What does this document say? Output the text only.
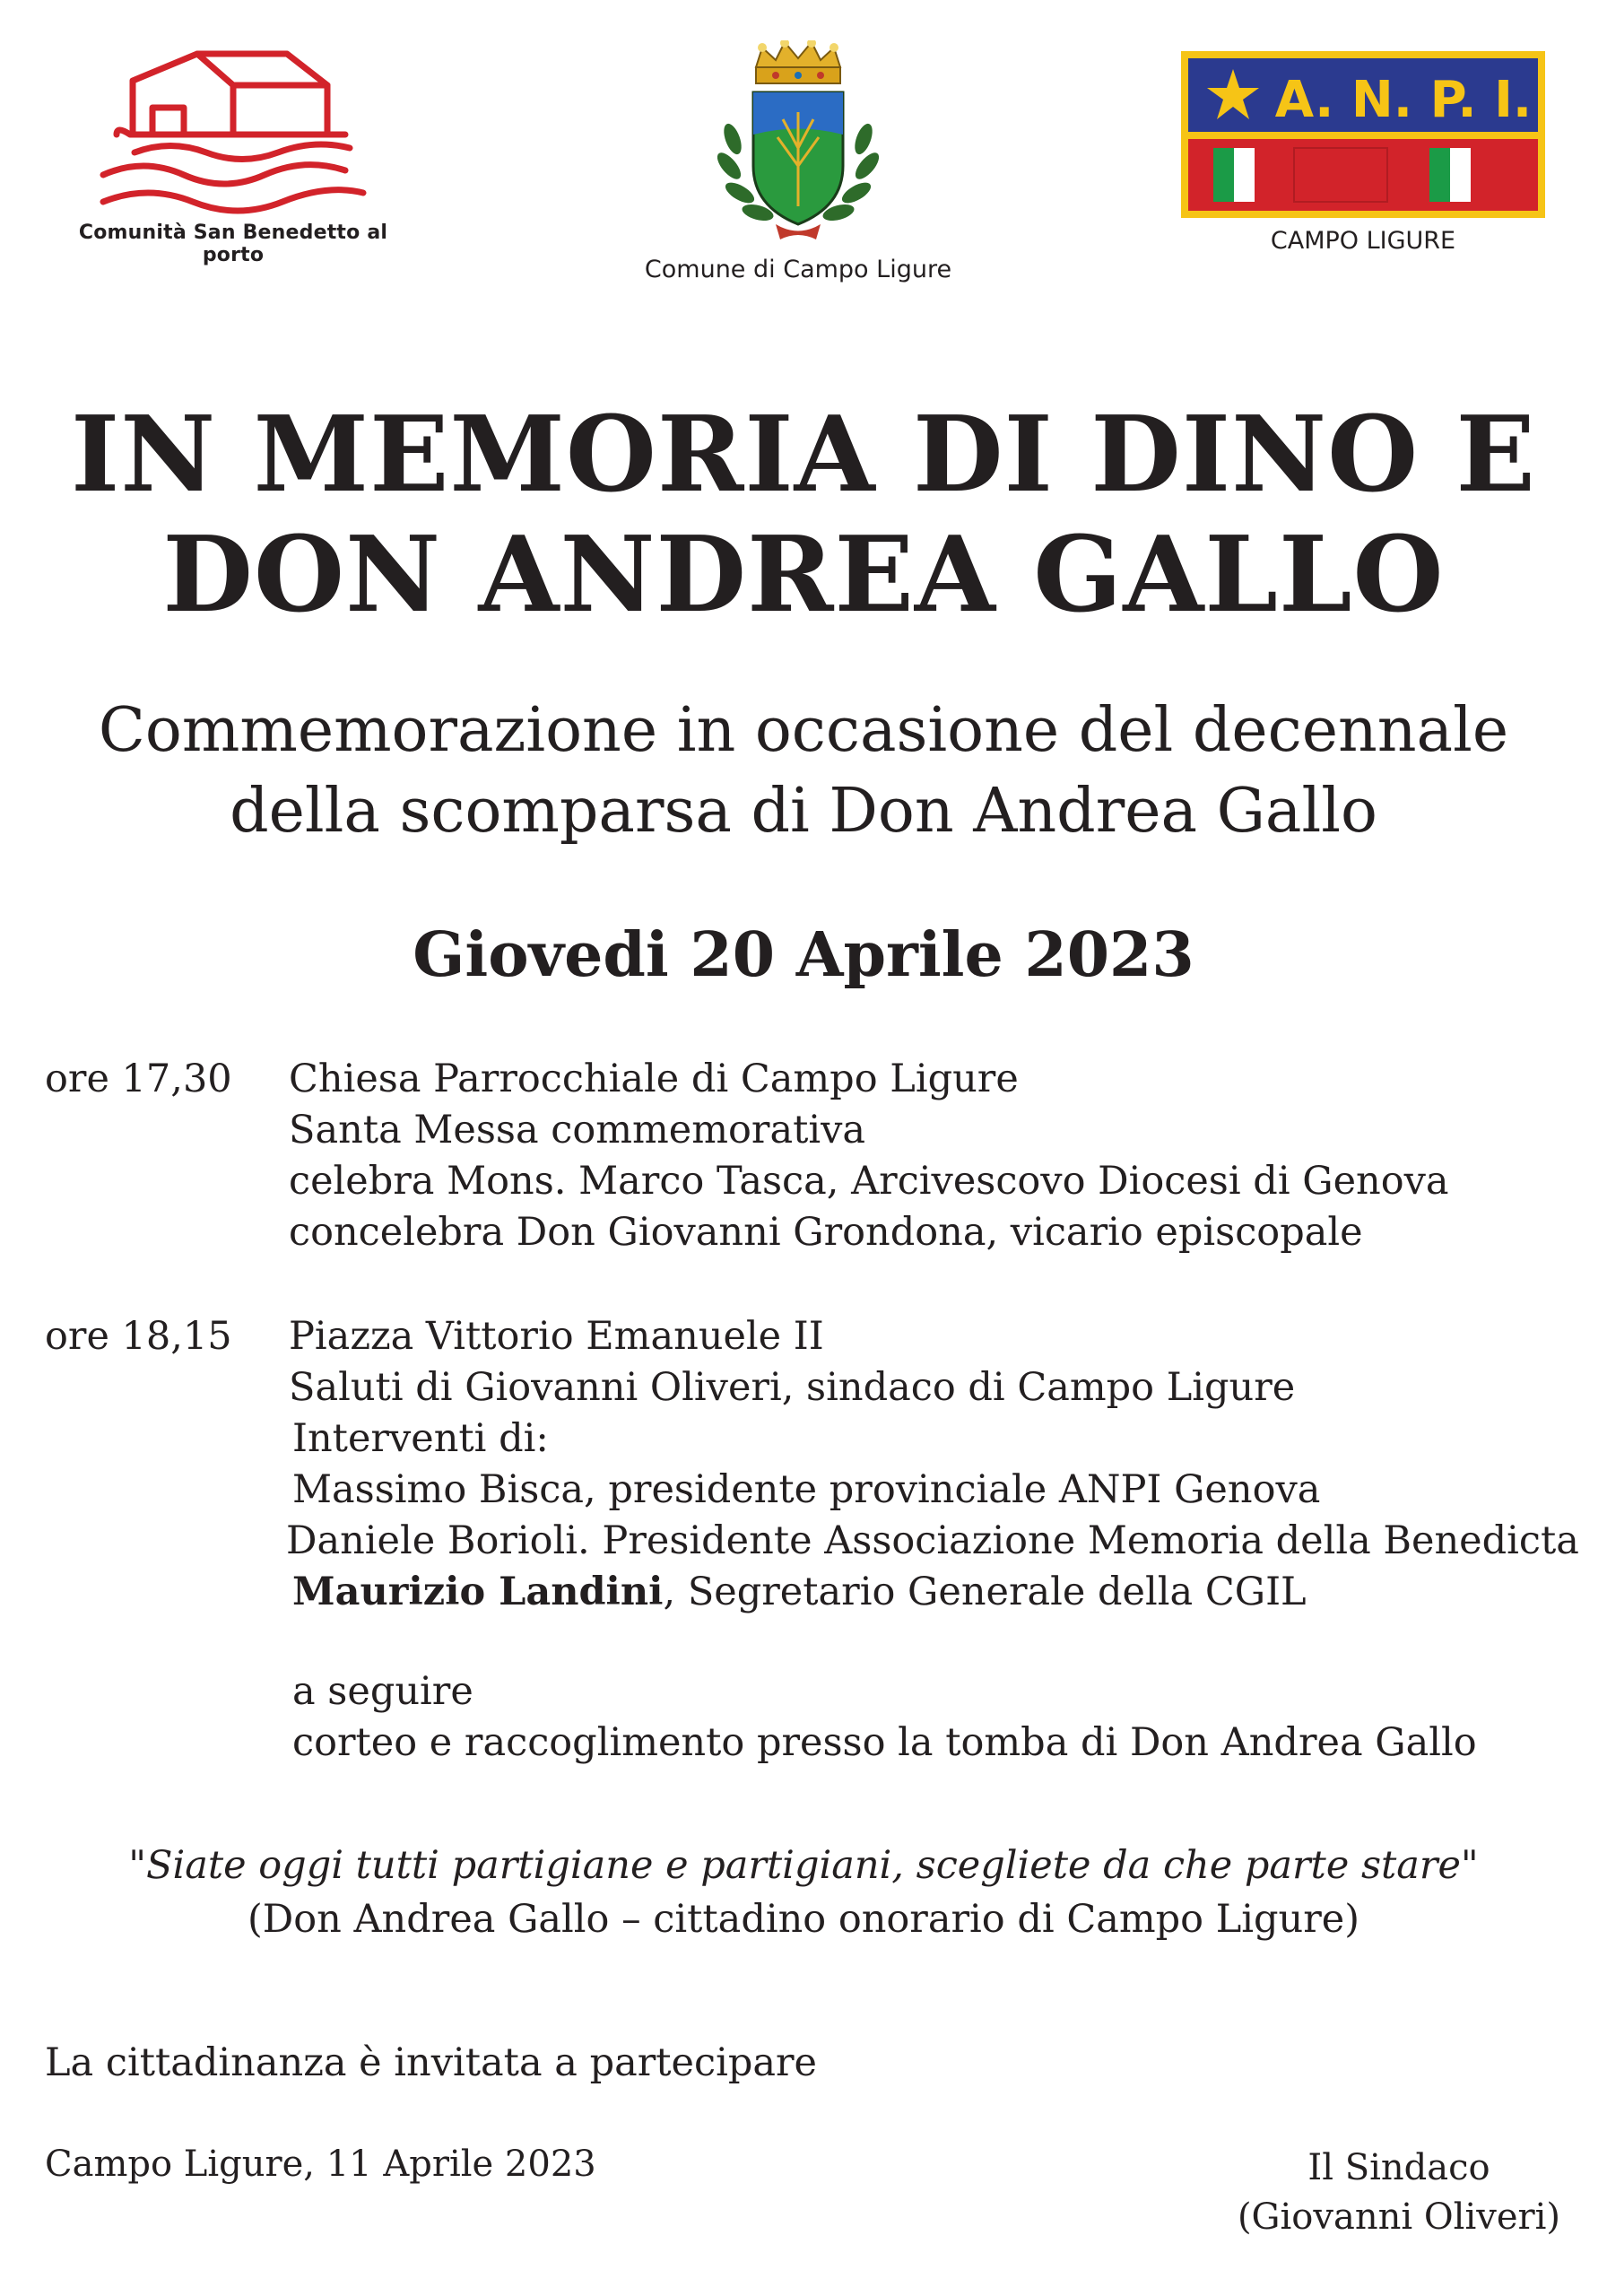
Comunità San Benedetto al porto
Comune di Campo Ligure
A. N. P. I.
CAMPO LIGURE
IN MEMORIA DI DINO E
DON ANDREA GALLO
Commemorazione in occasione del decennale
della scomparsa di Don Andrea Gallo
Giovedi 20 Aprile 2023
ore 17,30 Chiesa Parrocchiale di Campo Ligure
Santa Messa commemorativa
celebra Mons. Marco Tasca, Arcivescovo Diocesi di Genova
concelebra Don Giovanni Grondona, vicario episcopale
ore 18,15 Piazza Vittorio Emanuele II
Saluti di Giovanni Oliveri, sindaco di Campo Ligure
Interventi di:
Massimo Bisca, presidente provinciale ANPI Genova
Daniele Borioli. Presidente Associazione Memoria della Benedicta
Maurizio Landini, Segretario Generale della CGIL
a seguire
corteo e raccoglimento presso la tomba di Don Andrea Gallo
"Siate oggi tutti partigiane e partigiani, scegliete da che parte stare"
(Don Andrea Gallo – cittadino onorario di Campo Ligure)
La cittadinanza è invitata a partecipare
Campo Ligure, 11 Aprile 2023	Il Sindaco
(Giovanni Oliveri)
